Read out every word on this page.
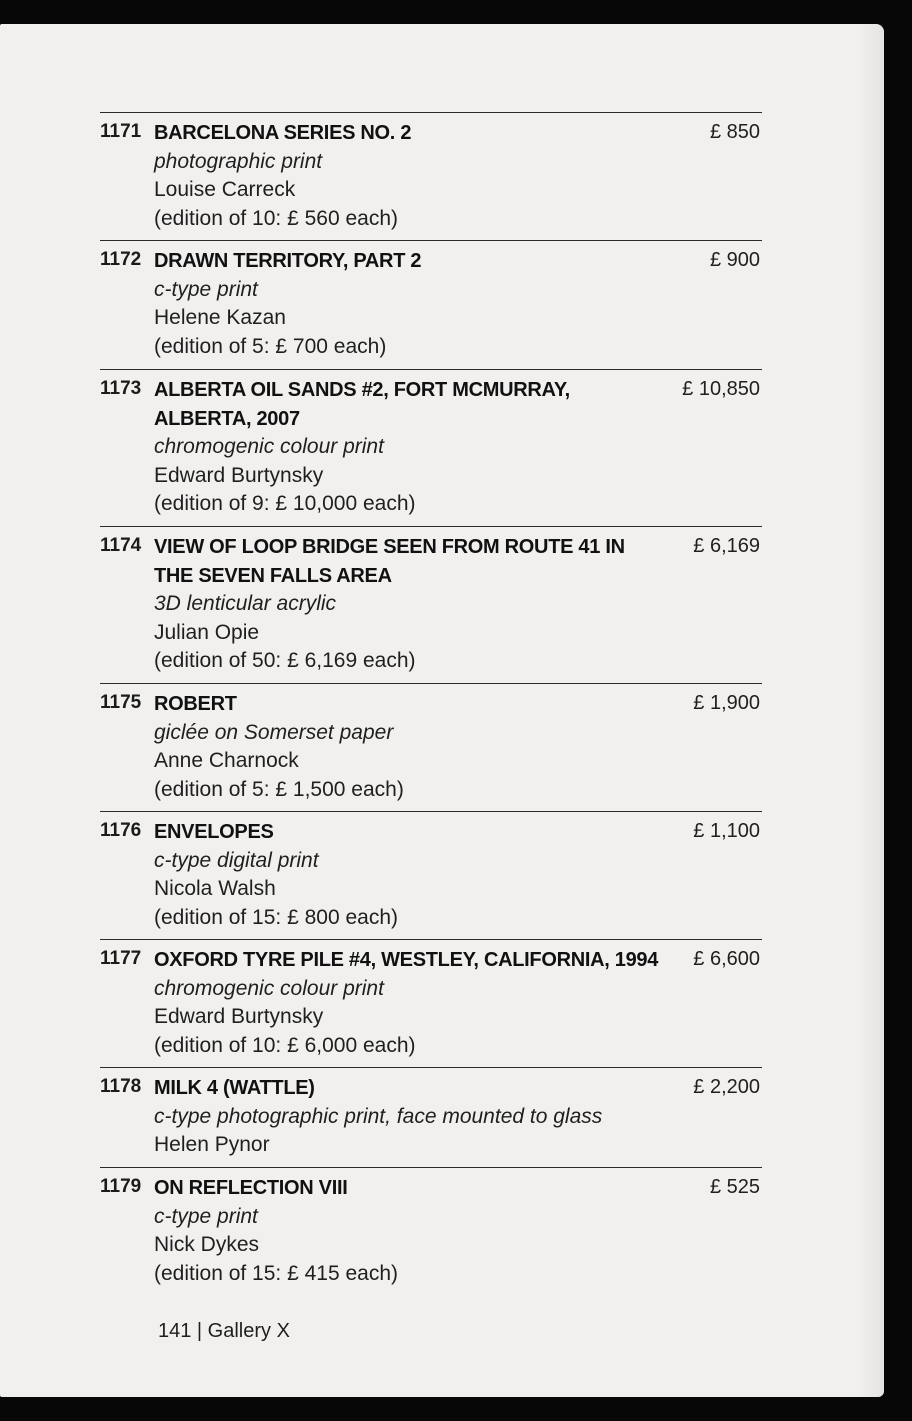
1171	£ 850
BARCELONA SERIES NO. 2
photographic print
Louise Carreck
(edition of 10: £ 560 each)
1172	£ 900
DRAWN TERRITORY, PART 2
c-type print
Helene Kazan
(edition of 5: £ 700 each)
1173	£ 10,850
ALBERTA OIL SANDS #2, FORT MCMURRAY, ALBERTA, 2007
chromogenic colour print
Edward Burtynsky
(edition of 9: £ 10,000 each)
1174	£ 6,169
VIEW OF LOOP BRIDGE SEEN FROM ROUTE 41 IN THE SEVEN FALLS AREA
3D lenticular acrylic
Julian Opie
(edition of 50: £ 6,169 each)
1175	£ 1,900
ROBERT
giclée on Somerset paper
Anne Charnock
(edition of 5: £ 1,500 each)
1176	£ 1,100
ENVELOPES
c-type digital print
Nicola Walsh
(edition of 15: £ 800 each)
1177	£ 6,600
OXFORD TYRE PILE #4, WESTLEY, CALIFORNIA, 1994
chromogenic colour print
Edward Burtynsky
(edition of 10: £ 6,000 each)
1178	£ 2,200
MILK 4 (WATTLE)
c-type photographic print, face mounted to glass
Helen Pynor
1179	£ 525
ON REFLECTION VIII
c-type print
Nick Dykes
(edition of 15: £ 415 each)
141 | Gallery X
